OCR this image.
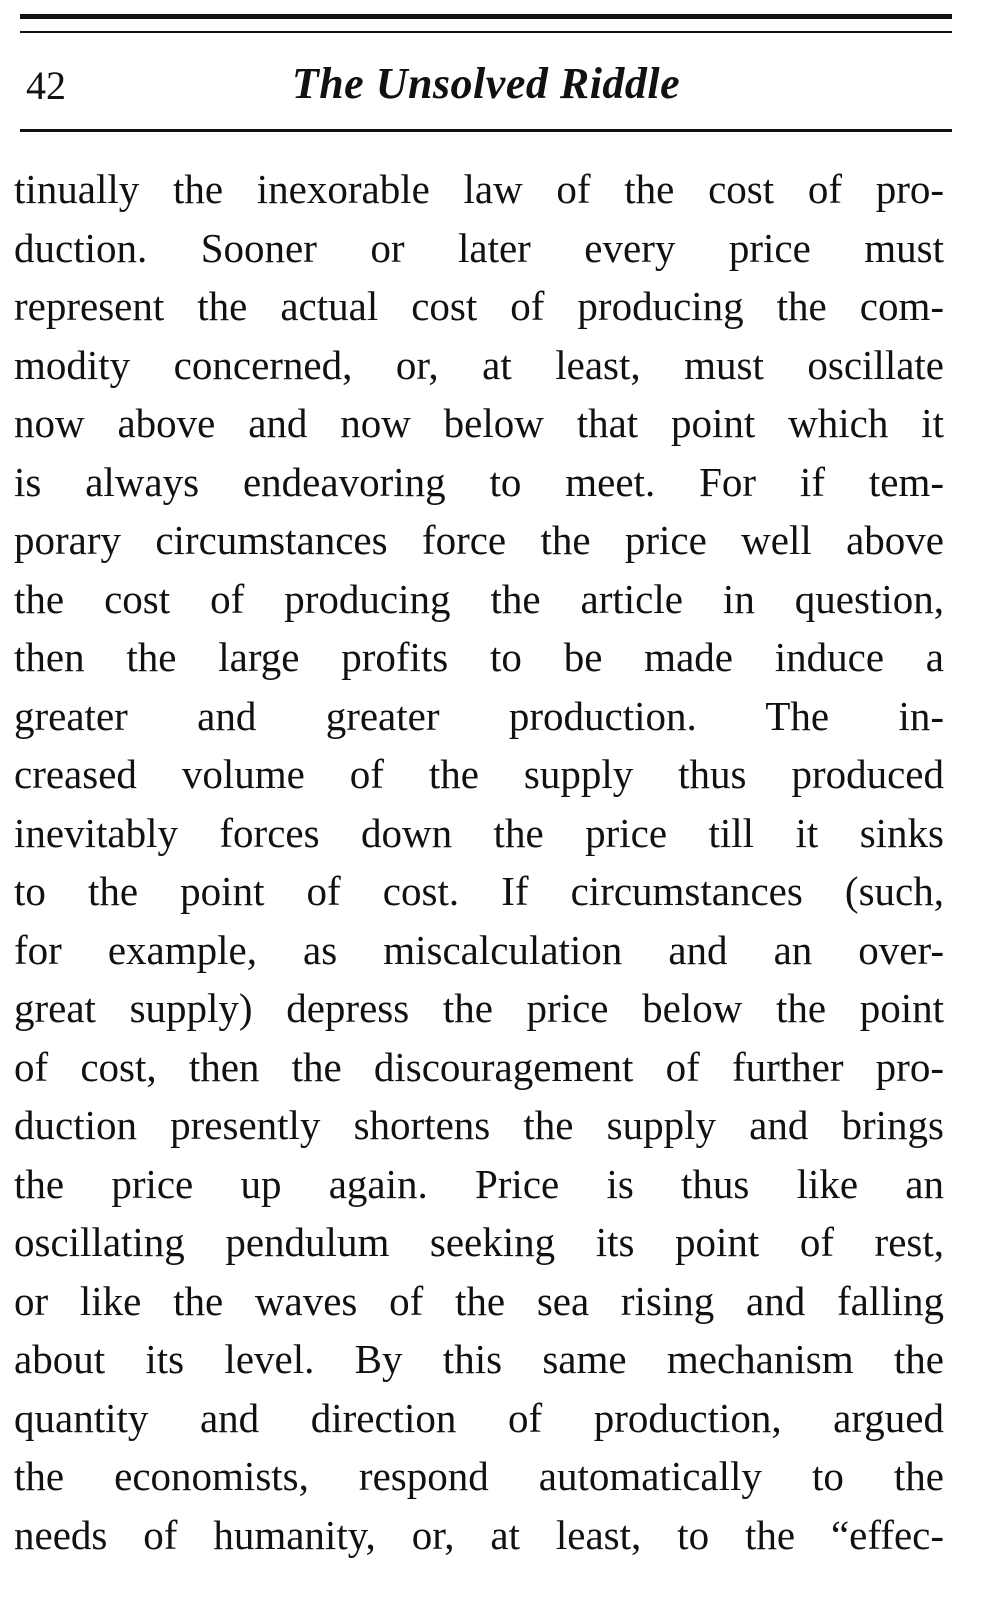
42	The Unsolved Riddle
tinually the inexorable law of the cost of pro-
duction. Sooner or later every price must
represent the actual cost of producing the com-
modity concerned, or, at least, must oscillate
now above and now below that point which it
is always endeavoring to meet. For if tem-
porary circumstances force the price well above
the cost of producing the article in question,
then the large profits to be made induce a
greater and greater production. The in-
creased volume of the supply thus produced
inevitably forces down the price till it sinks
to the point of cost. If circumstances (such,
for example, as miscalculation and an over-
great supply) depress the price below the point
of cost, then the discouragement of further pro-
duction presently shortens the supply and brings
the price up again. Price is thus like an
oscillating pendulum seeking its point of rest,
or like the waves of the sea rising and falling
about its level. By this same mechanism the
quantity and direction of production, argued
the economists, respond automatically to the
needs of humanity, or, at least, to the “effec-
